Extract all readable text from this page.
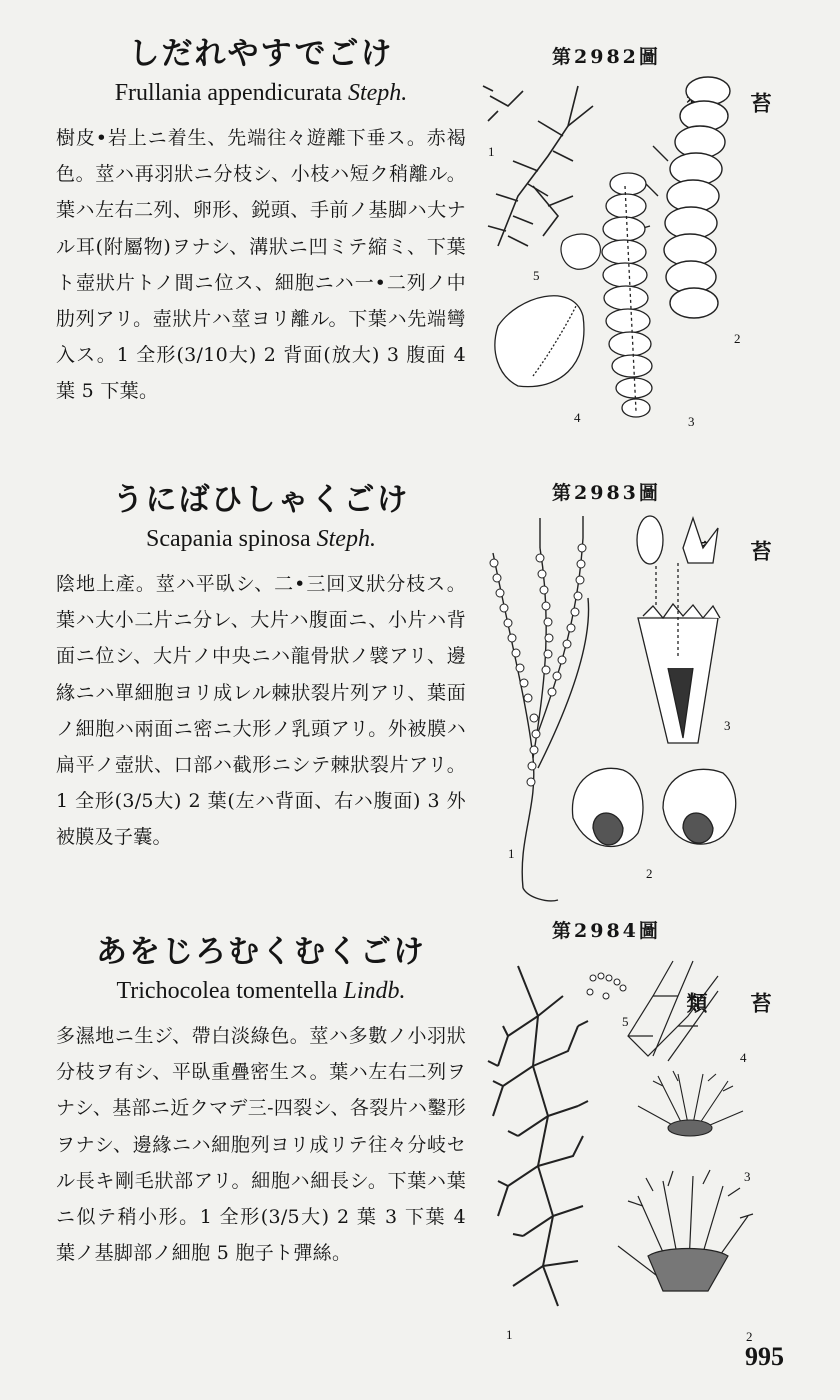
しだれやすでごけ

Frullania appendicurata Steph.

樹皮•岩上ニ着生、先端往々遊離下垂ス。赤褐色。莖ハ再羽狀ニ分枝シ、小枝ハ短ク稍離ル。葉ハ左右二列、卵形、鋭頭、手前ノ基脚ハ大ナル耳(附屬物)ヲナシ、溝狀ニ凹ミテ縮ミ、下葉ト壺狀片トノ間ニ位ス、細胞ニハ一•二列ノ中肋列アリ。壺狀片ハ莖ヨリ離ル。下葉ハ先端彎入ス。1 全形(3/10大) 2 背面(放大) 3 腹面 4 葉 5 下葉。

第2982圖
苔
1
2
3
4
5
うにばひしゃくごけ

Scapania spinosa Steph.

陰地上產。莖ハ平臥シ、二•三回叉狀分枝ス。葉ハ大小二片ニ分レ、大片ハ腹面ニ、小片ハ背面ニ位シ、大片ノ中央ニハ龍骨狀ノ襞アリ、邊緣ニハ單細胞ヨリ成レル棘狀裂片列アリ、葉面ノ細胞ハ兩面ニ密ニ大形ノ乳頭アリ。外被膜ハ扁平ノ壺狀、口部ハ截形ニシテ棘狀裂片アリ。1 全形(3/5大) 2 葉(左ハ背面、右ハ腹面) 3 外被膜及子囊。

第2983圖
苔
1
2
3
あをじろむくむくごけ

Trichocolea tomentella Lindb.

多濕地ニ生ジ、帶白淡綠色。莖ハ多數ノ小羽狀分枝ヲ有シ、平臥重疊密生ス。葉ハ左右二列ヲナシ、基部ニ近クマデ三-四裂シ、各裂片ハ鑿形ヲナシ、邊緣ニハ細胞列ヨリ成リテ往々分岐セル長キ剛毛狀部アリ。細胞ハ細長シ。下葉ハ葉ニ似テ稍小形。1 全形(3/5大) 2 葉 3 下葉 4 葉ノ基脚部ノ細胞 5 胞子ト彈絲。

第2984圖
苔類
1	2
3
4
5
995
